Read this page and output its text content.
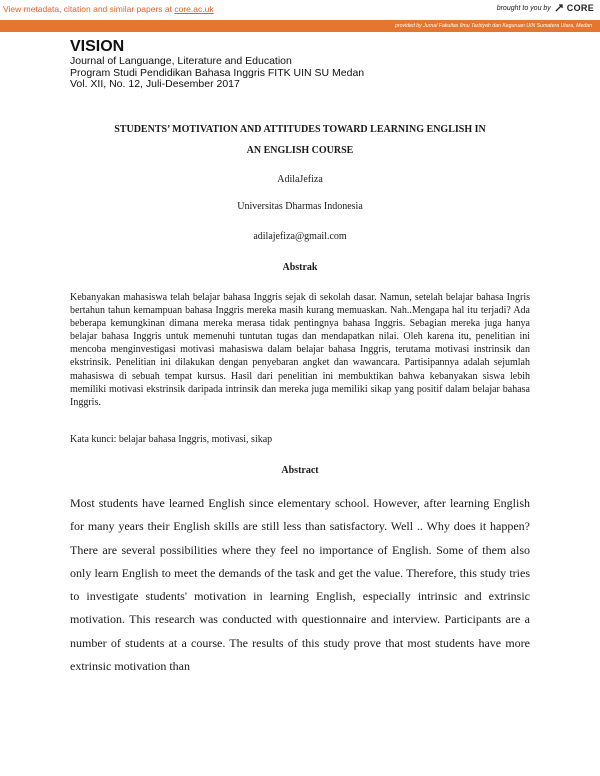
View metadata, citation and similar papers at core.ac.uk	brought to you by CORE
provided by Jurnal Fakultas Ilmu Tarbiyah dan Keguruan UIN Sumatera Utara, Medan
VISION
Journal of Languange, Literature and Education
Program Studi Pendidikan Bahasa Inggris FITK UIN SU Medan
Vol. XII, No. 12, Juli-Desember 2017
STUDENTS’ MOTIVATION AND ATTITUDES TOWARD LEARNING ENGLISH IN
AN ENGLISH COURSE
AdilaJefiza
Universitas Dharmas Indonesia
adilajefiza@gmail.com
Abstrak
Kebanyakan mahasiswa telah belajar bahasa Inggris sejak di sekolah dasar. Namun, setelah belajar bahasa Ingris bertahun tahun kemampuan bahasa Inggris mereka masih kurang memuaskan. Nah..Mengapa hal itu terjadi? Ada beberapa kemungkinan dimana mereka merasa tidak pentingnya bahasa Inggris. Sebagian mereka juga hanya belajar bahasa Inggris untuk memenuhi tuntutan tugas dan mendapatkan nilai. Oleh karena itu, penelitian ini mencoba menginvestigasi motivasi mahasiswa dalam belajar bahasa Inggris, terutama motivasi instrinsik dan ekstrinsik. Penelitian ini dilakukan dengan penyebaran angket dan wawancara. Partisipannya adalah sejumlah mahasiswa di sebuah tempat kursus. Hasil dari penelitian ini membuktikan bahwa kebanyakan siswa lebih memiliki motivasi ekstrinsik daripada intrinsik dan mereka juga memiliki sikap yang positif dalam belajar bahasa Inggris.
Kata kunci: belajar bahasa Inggris, motivasi, sikap
Abstract
Most students have learned English since elementary school. However, after learning English for many years their English skills are still less than satisfactory. Well .. Why does it happen? There are several possibilities where they feel no importance of English. Some of them also only learn English to meet the demands of the task and get the value. Therefore, this study tries to investigate students' motivation in learning English, especially intrinsic and extrinsic motivation. This research was conducted with questionnaire and interview. Participants are a number of students at a course. The results of this study prove that most students have more extrinsic motivation than
